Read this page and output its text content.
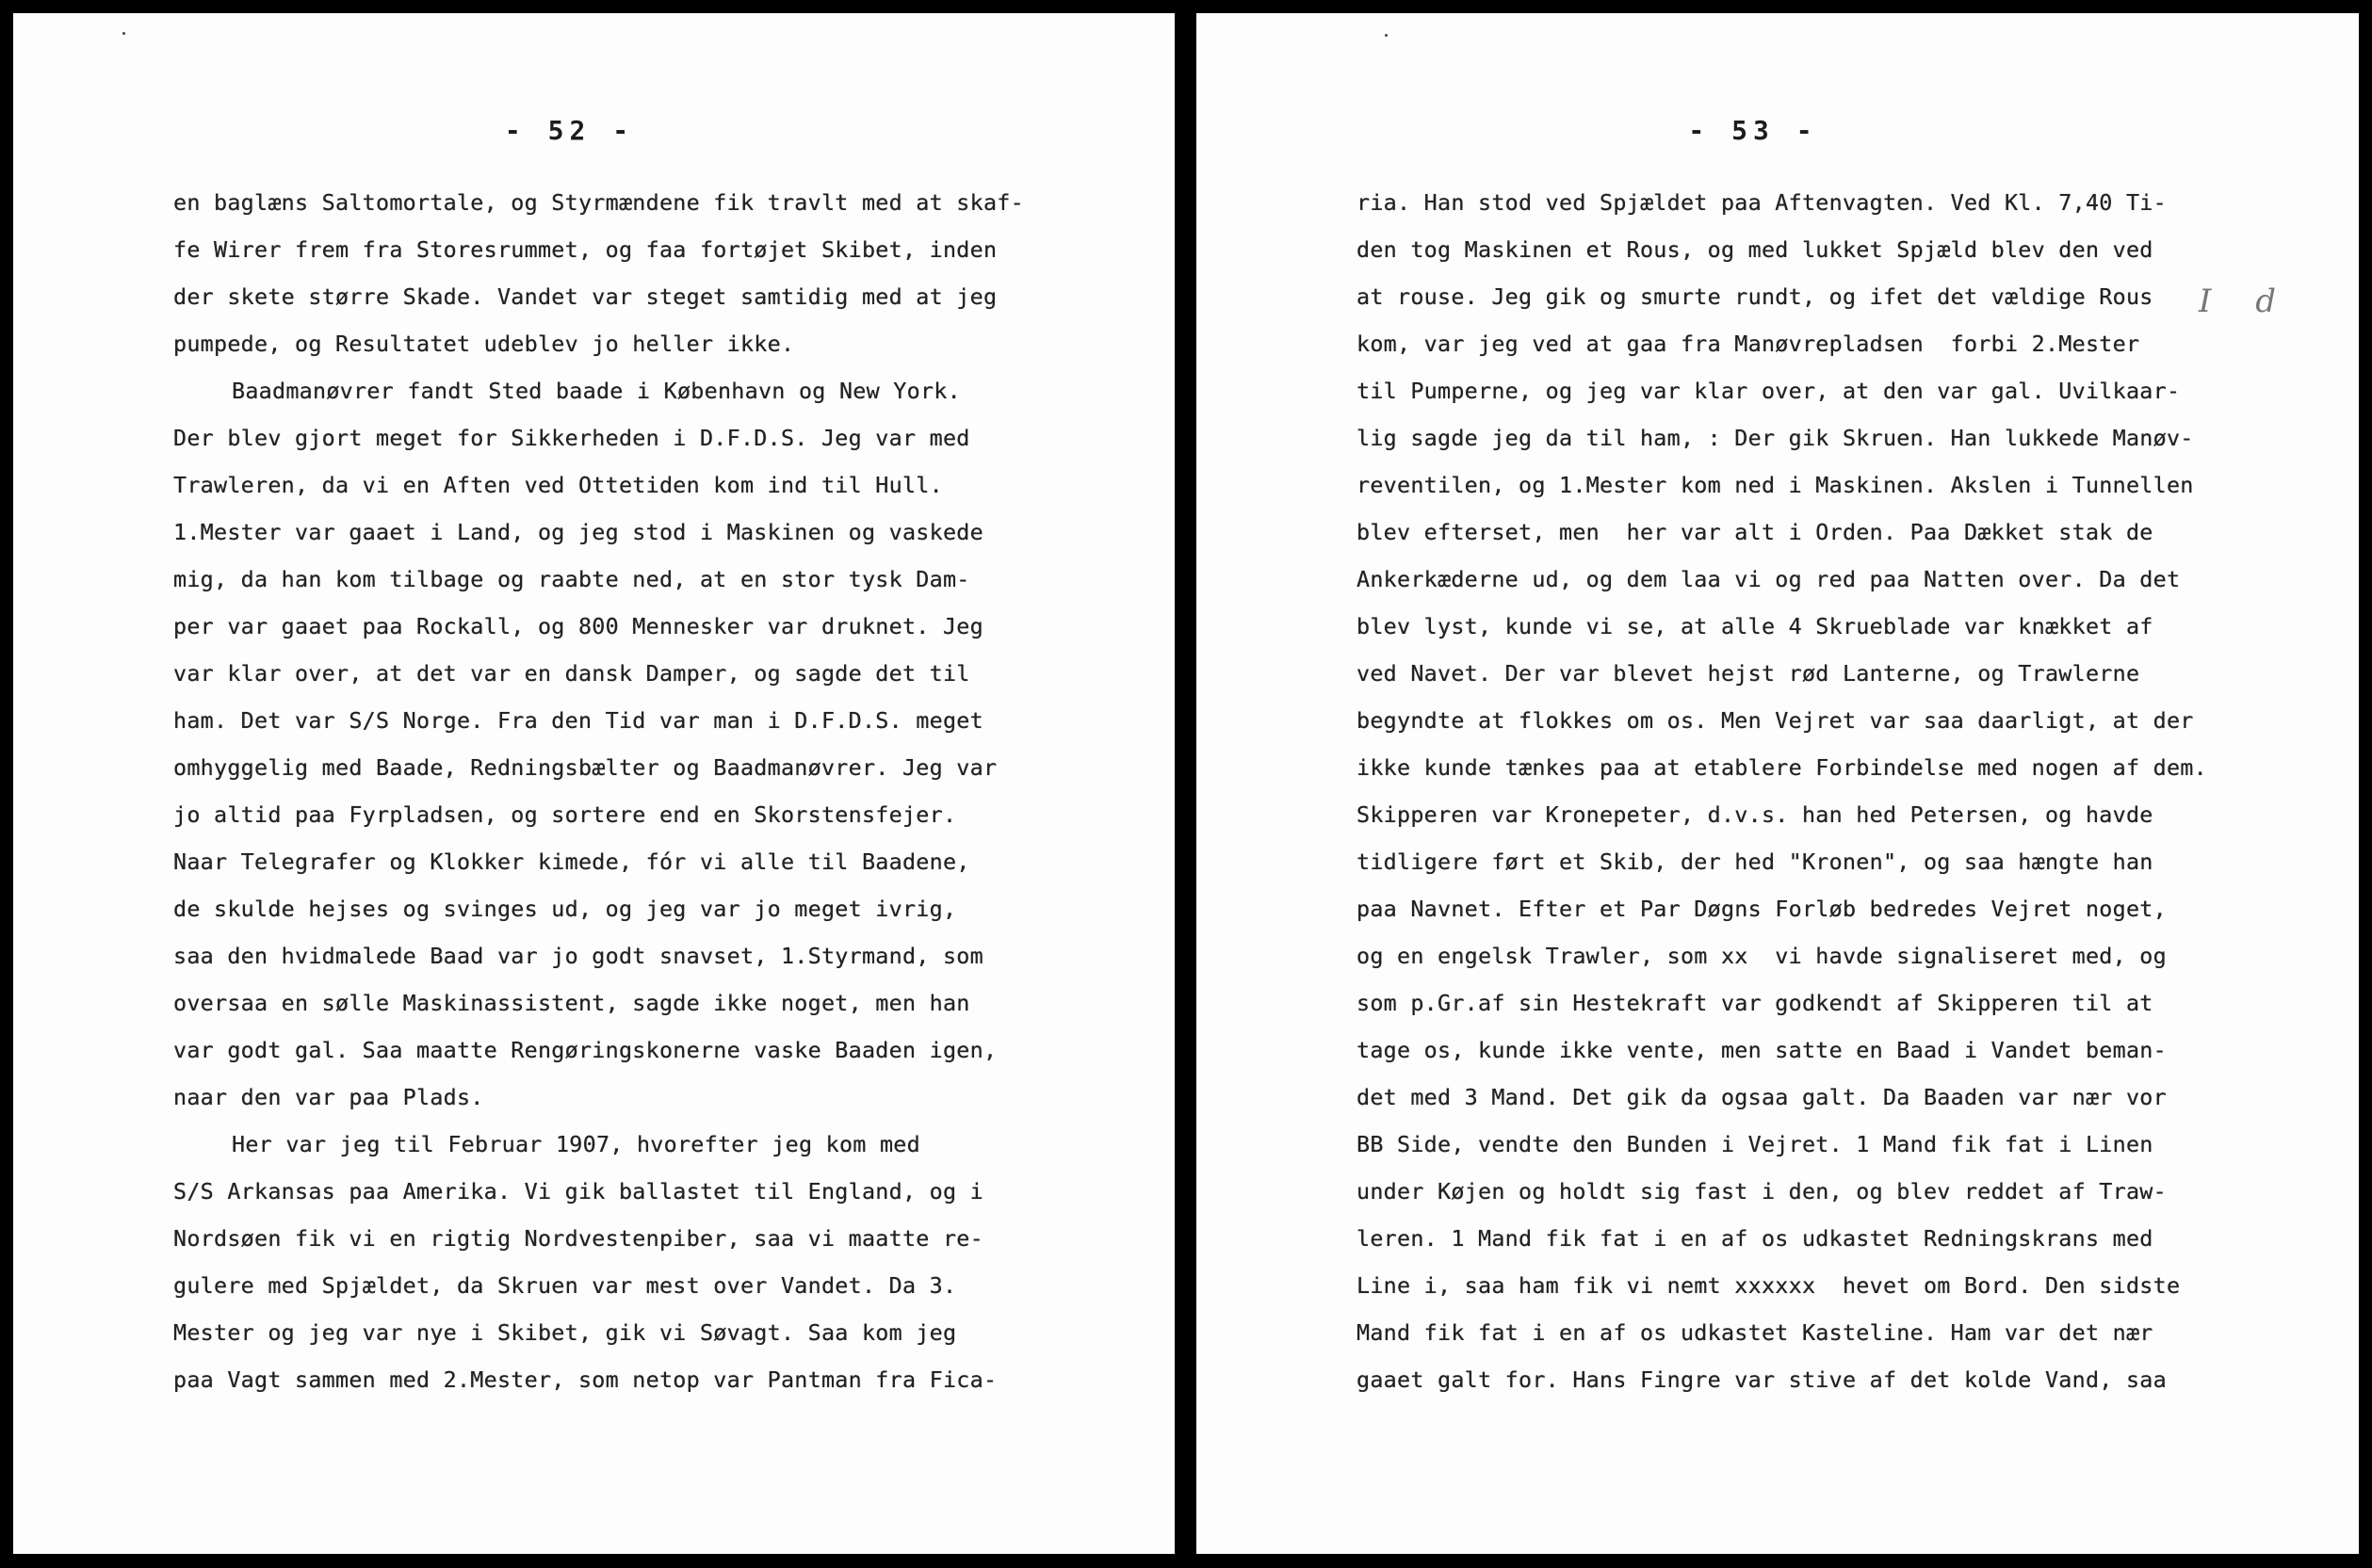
- 52 -
en baglæns Saltomortale, og Styrmændene fik travlt med at skaf-
fe Wirer frem fra Storesrummet, og faa fortøjet Skibet, inden
der skete større Skade. Vandet var steget samtidig med at jeg
pumpede, og Resultatet udeblev jo heller ikke.
Baadmanøvrer fandt Sted baade i København og New York.
Der blev gjort meget for Sikkerheden i D.F.D.S. Jeg var med
Trawleren, da vi en Aften ved Ottetiden kom ind til Hull.
1.Mester var gaaet i Land, og jeg stod i Maskinen og vaskede
mig, da han kom tilbage og raabte ned, at en stor tysk Dam-
per var gaaet paa Rockall, og 800 Mennesker var druknet. Jeg
var klar over, at det var en dansk Damper, og sagde det til
ham. Det var S/S Norge. Fra den Tid var man i D.F.D.S. meget
omhyggelig med Baade, Redningsbælter og Baadmanøvrer. Jeg var
jo altid paa Fyrpladsen, og sortere end en Skorstensfejer.
Naar Telegrafer og Klokker kimede, fór vi alle til Baadene,
de skulde hejses og svinges ud, og jeg var jo meget ivrig,
saa den hvidmalede Baad var jo godt snavset, 1.Styrmand, som
oversaa en sølle Maskinassistent, sagde ikke noget, men han
var godt gal. Saa maatte Rengøringskonerne vaske Baaden igen,
naar den var paa Plads.
Her var jeg til Februar 1907, hvorefter jeg kom med
S/S Arkansas paa Amerika. Vi gik ballastet til England, og i
Nordsøen fik vi en rigtig Nordvestenpiber, saa vi maatte re-
gulere med Spjældet, da Skruen var mest over Vandet. Da 3.
Mester og jeg var nye i Skibet, gik vi Søvagt. Saa kom jeg
paa Vagt sammen med 2.Mester, som netop var Pantman fra Fica-
- 53 -
I d
ria. Han stod ved Spjældet paa Aftenvagten. Ved Kl. 7,40 Ti-
den tog Maskinen et Rous, og med lukket Spjæld blev den ved
at rouse. Jeg gik og smurte rundt, og ifet det vældige Rous
kom, var jeg ved at gaa fra Manøvrepladsen  forbi 2.Mester
til Pumperne, og jeg var klar over, at den var gal. Uvilkaar-
lig sagde jeg da til ham, : Der gik Skruen. Han lukkede Manøv-
reventilen, og 1.Mester kom ned i Maskinen. Akslen i Tunnellen
blev efterset, men  her var alt i Orden. Paa Dækket stak de
Ankerkæderne ud, og dem laa vi og red paa Natten over. Da det
blev lyst, kunde vi se, at alle 4 Skrueblade var knækket af
ved Navet. Der var blevet hejst rød Lanterne, og Trawlerne
begyndte at flokkes om os. Men Vejret var saa daarligt, at der
ikke kunde tænkes paa at etablere Forbindelse med nogen af dem.
Skipperen var Kronepeter, d.v.s. han hed Petersen, og havde
tidligere ført et Skib, der hed "Kronen", og saa hængte han
paa Navnet. Efter et Par Døgns Forløb bedredes Vejret noget,
og en engelsk Trawler, som xx  vi havde signaliseret med, og
som p.Gr.af sin Hestekraft var godkendt af Skipperen til at
tage os, kunde ikke vente, men satte en Baad i Vandet beman-
det med 3 Mand. Det gik da ogsaa galt. Da Baaden var nær vor
BB Side, vendte den Bunden i Vejret. 1 Mand fik fat i Linen
under Køjen og holdt sig fast i den, og blev reddet af Traw-
leren. 1 Mand fik fat i en af os udkastet Redningskrans med
Line i, saa ham fik vi nemt xxxxxx  hevet om Bord. Den sidste
Mand fik fat i en af os udkastet Kasteline. Ham var det nær
gaaet galt for. Hans Fingre var stive af det kolde Vand, saa
